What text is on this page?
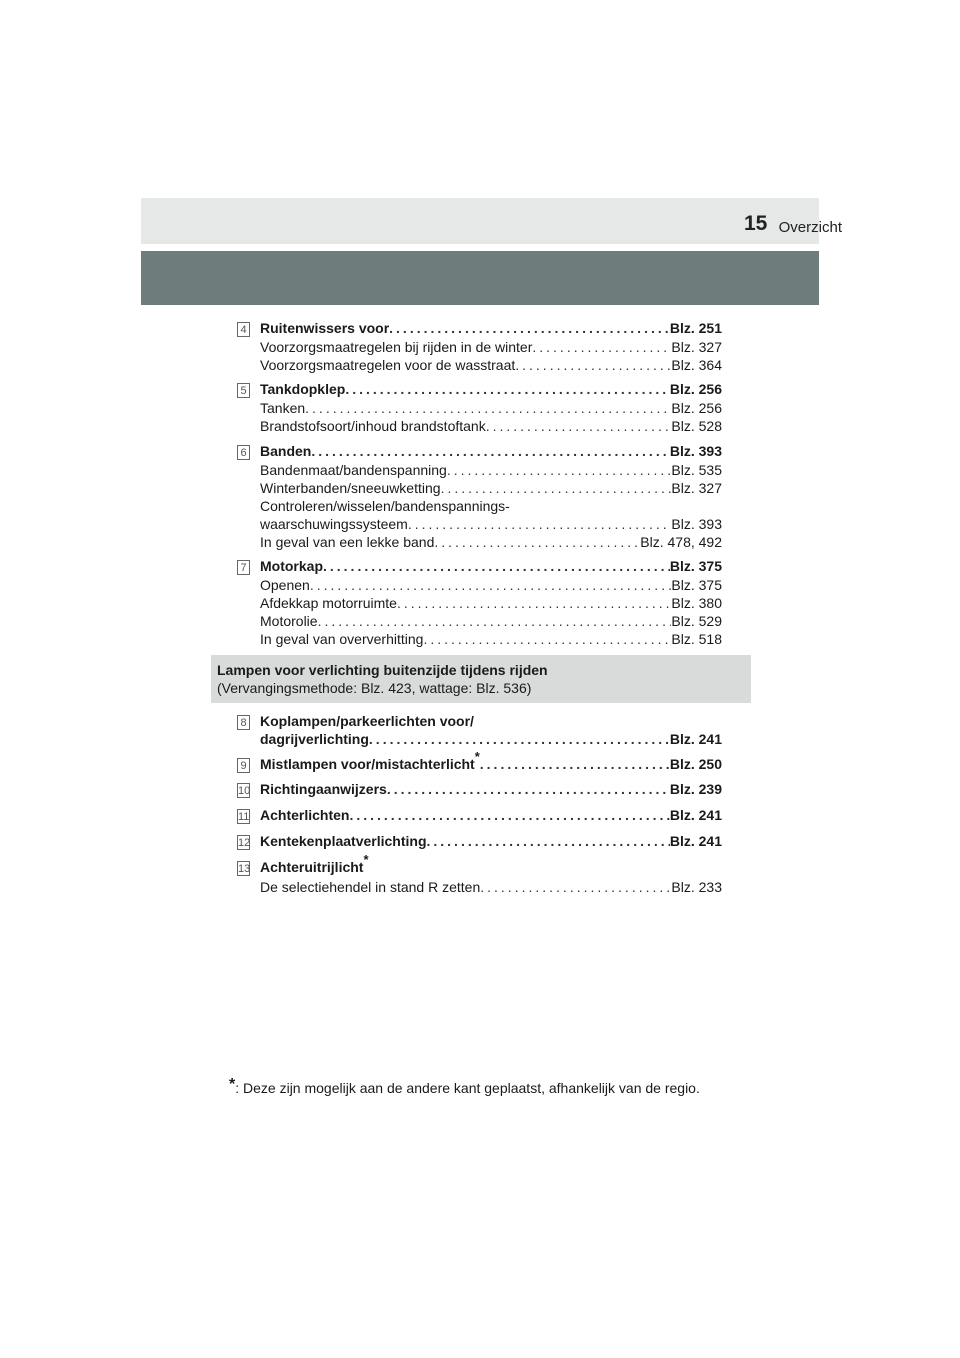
Overzicht
15
4 Ruitenwissers voor .....	Blz. 251
Voorzorgsmaatregelen bij rijden in de winter .....	Blz. 327
Voorzorgsmaatregelen voor de wasstraat .....	Blz. 364
5 Tankdopklep .....	Blz. 256
Tanken .....	Blz. 256
Brandstofsoort/inhoud brandstoftank .....	Blz. 528
6 Banden .....	Blz. 393
Bandenmaat/bandenspanning .....	Blz. 535
Winterbanden/sneeuwketting .....	Blz. 327
Controleren/wisselen/bandenspannings-
waarschuwingssysteem .....	Blz. 393
In geval van een lekke band .....	Blz. 478, 492
7 Motorkap .....	Blz. 375
Openen .....	Blz. 375
Afdekkap motorruimte .....	Blz. 380
Motorolie .....	Blz. 529
In geval van oververhitting .....	Blz. 518
Lampen voor verlichting buitenzijde tijdens rijden
(Vervangingsmethode: Blz. 423, wattage: Blz. 536)
8 Koplampen/parkeerlichten voor/
dagrijverlichting .....	Blz. 241
9 Mistlampen voor/mistachterlicht* .....	Blz. 250
10 Richtingaanwijzers .....	Blz. 239
11 Achterlichten .....	Blz. 241
12 Kentekenplaatverlichting .....	Blz. 241
13 Achteruitrijlicht*
De selectiehendel in stand R zetten .....	Blz. 233
*: Deze zijn mogelijk aan de andere kant geplaatst, afhankelijk van de regio.
